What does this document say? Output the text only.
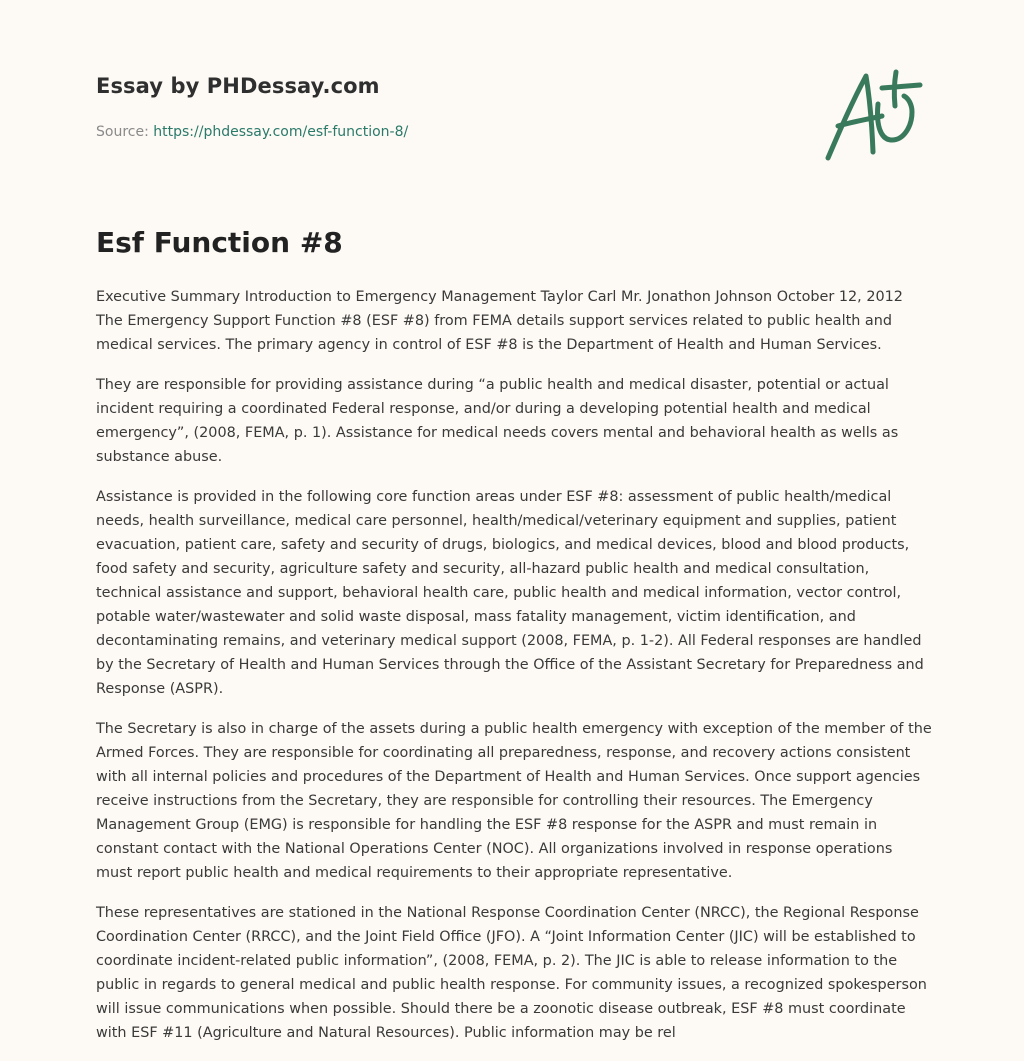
Essay by PHDessay.com
Source: https://phdessay.com/esf-function-8/
Esf Function #8

Executive Summary Introduction to Emergency Management Taylor Carl Mr. Jonathon Johnson October 12, 2012 The Emergency Support Function #8 (ESF #8) from FEMA details support services related to public health and medical services. The primary agency in control of ESF #8 is the Department of Health and Human Services.

They are responsible for providing assistance during “a public health and medical disaster, potential or actual incident requiring a coordinated Federal response, and/or during a developing potential health and medical emergency”, (2008, FEMA, p. 1). Assistance for medical needs covers mental and behavioral health as wells as substance abuse.

Assistance is provided in the following core function areas under ESF #8: assessment of public health/medical needs, health surveillance, medical care personnel, health/medical/veterinary equipment and supplies, patient evacuation, patient care, safety and security of drugs, biologics, and medical devices, blood and blood products, food safety and security, agriculture safety and security, all-hazard public health and medical consultation, technical assistance and support, behavioral health care, public health and medical information, vector control, potable water/wastewater and solid waste disposal, mass fatality management, victim identification, and decontaminating remains, and veterinary medical support (2008, FEMA, p. 1-2). All Federal responses are handled by the Secretary of Health and Human Services through the Office of the Assistant Secretary for Preparedness and Response (ASPR).

The Secretary is also in charge of the assets during a public health emergency with exception of the member of the Armed Forces. They are responsible for coordinating all preparedness, response, and recovery actions consistent with all internal policies and procedures of the Department of Health and Human Services. Once support agencies receive instructions from the Secretary, they are responsible for controlling their resources. The Emergency Management Group (EMG) is responsible for handling the ESF #8 response for the ASPR and must remain in constant contact with the National Operations Center (NOC). All organizations involved in response operations must report public health and medical requirements to their appropriate representative.

These representatives are stationed in the National Response Coordination Center (NRCC), the Regional Response Coordination Center (RRCC), and the Joint Field Office (JFO). A “Joint Information Center (JIC) will be established to coordinate incident-related public information”, (2008, FEMA, p. 2). The JIC is able to release information to the public in regards to general medical and public health response. For community issues, a recognized spokesperson will issue communications when possible. Should there be a zoonotic disease outbreak, ESF #8 must coordinate with ESF #11 (Agriculture and Natural Resources). Public information may be rel
